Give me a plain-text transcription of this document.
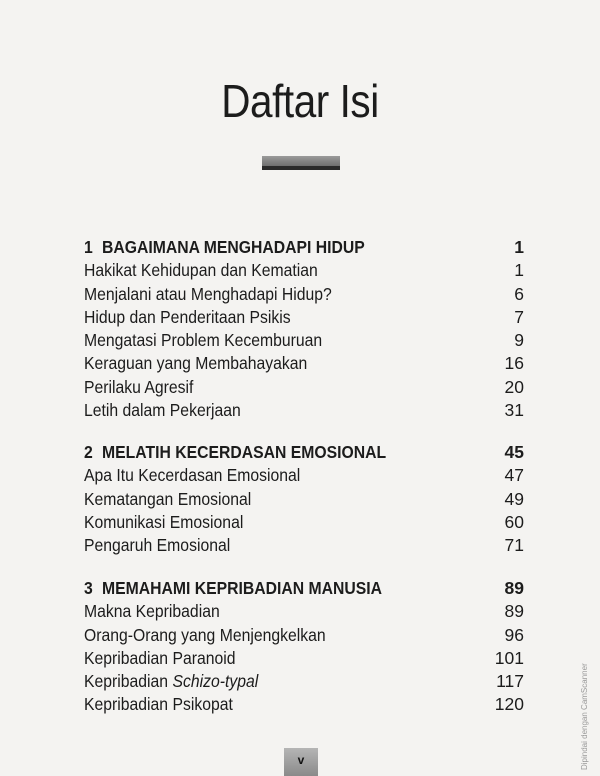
Daftar Isi
1 BAGAIMANA MENGHADAPI HIDUP	1
Hakikat Kehidupan dan Kematian	1
Menjalani atau Menghadapi Hidup?	6
Hidup dan Penderitaan Psikis	7
Mengatasi Problem Kecemburuan	9
Keraguan yang Membahayakan	16
Perilaku Agresif	20
Letih dalam Pekerjaan	31
2 MELATIH KECERDASAN EMOSIONAL	45
Apa Itu Kecerdasan Emosional	47
Kematangan Emosional	49
Komunikasi Emosional	60
Pengaruh Emosional	71
3 MEMAHAMI KEPRIBADIAN MANUSIA	89
Makna Kepribadian	89
Orang-Orang yang Menjengkelkan	96
Kepribadian Paranoid	101
Kepribadian Schizo-typal	117
Kepribadian Psikopat	120
v	Dipindai dengan CamScanner
